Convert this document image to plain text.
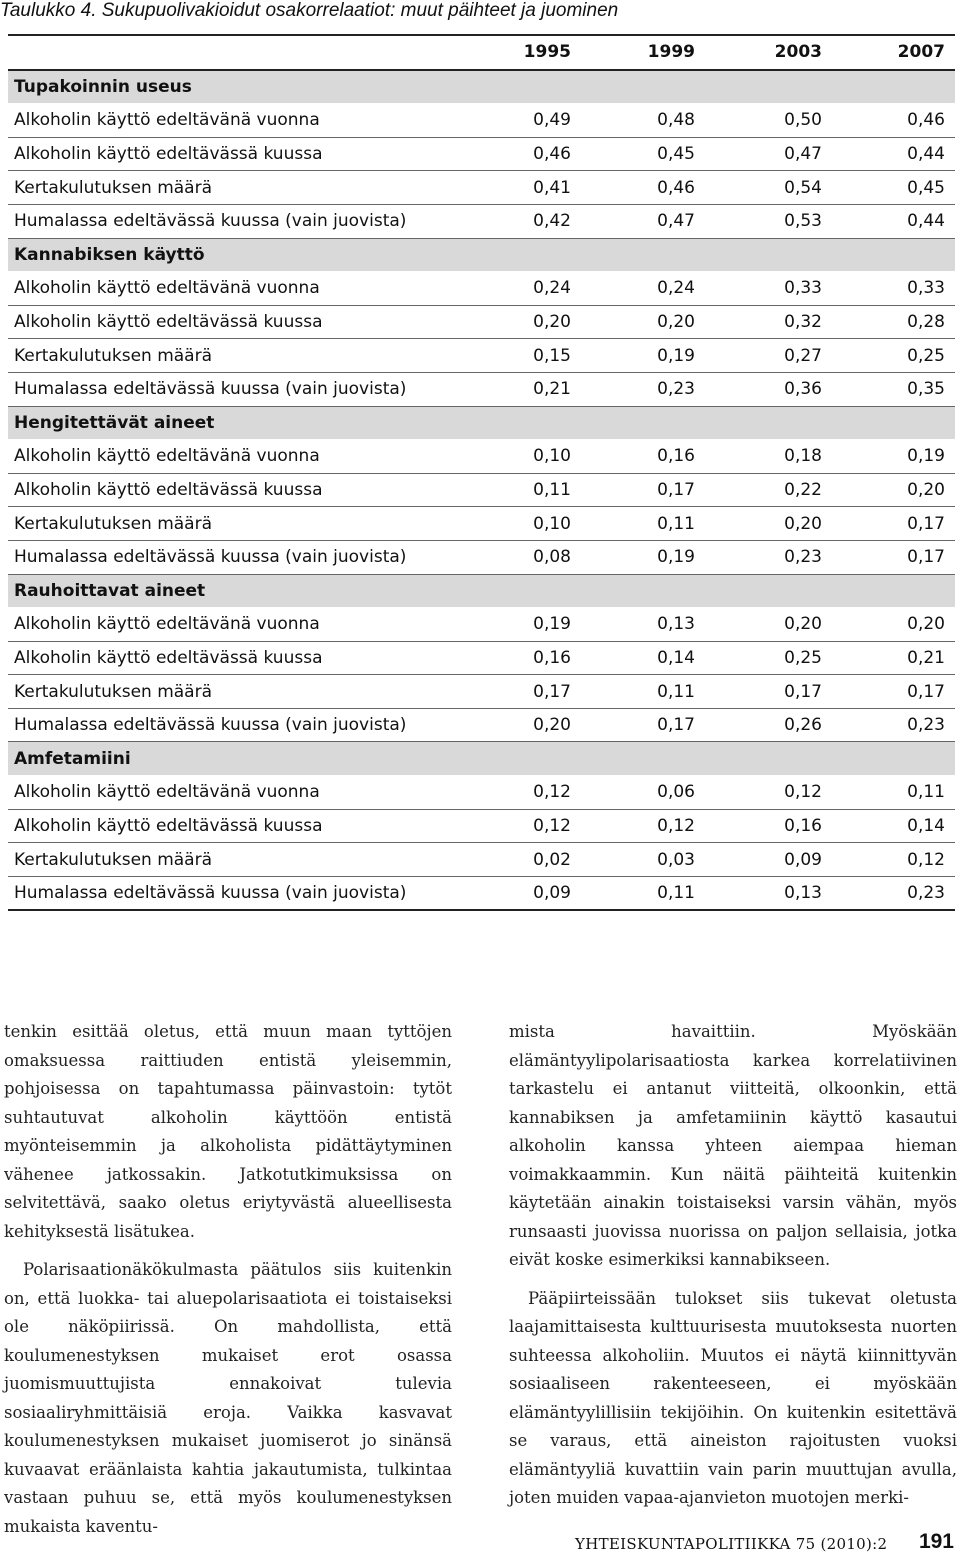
Taulukko 4. Sukupuolivakioidut osakorrelaatiot: muut päihteet ja juominen
	1995	1999	2003	2007
Tupakoinnin useus				
Alkoholin käyttö edeltävänä vuonna	0,49	0,48	0,50	0,46
Alkoholin käyttö edeltävässä kuussa	0,46	0,45	0,47	0,44
Kertakulutuksen määrä	0,41	0,46	0,54	0,45
Humalassa edeltävässä kuussa (vain juovista)	0,42	0,47	0,53	0,44
Kannabiksen käyttö				
Alkoholin käyttö edeltävänä vuonna	0,24	0,24	0,33	0,33
Alkoholin käyttö edeltävässä kuussa	0,20	0,20	0,32	0,28
Kertakulutuksen määrä	0,15	0,19	0,27	0,25
Humalassa edeltävässä kuussa (vain juovista)	0,21	0,23	0,36	0,35
Hengitettävät aineet				
Alkoholin käyttö edeltävänä vuonna	0,10	0,16	0,18	0,19
Alkoholin käyttö edeltävässä kuussa	0,11	0,17	0,22	0,20
Kertakulutuksen määrä	0,10	0,11	0,20	0,17
Humalassa edeltävässä kuussa (vain juovista)	0,08	0,19	0,23	0,17
Rauhoittavat aineet				
Alkoholin käyttö edeltävänä vuonna	0,19	0,13	0,20	0,20
Alkoholin käyttö edeltävässä kuussa	0,16	0,14	0,25	0,21
Kertakulutuksen määrä	0,17	0,11	0,17	0,17
Humalassa edeltävässä kuussa (vain juovista)	0,20	0,17	0,26	0,23
Amfetamiini				
Alkoholin käyttö edeltävänä vuonna	0,12	0,06	0,12	0,11
Alkoholin käyttö edeltävässä kuussa	0,12	0,12	0,16	0,14
Kertakulutuksen määrä	0,02	0,03	0,09	0,12
Humalassa edeltävässä kuussa (vain juovista)	0,09	0,11	0,13	0,23

tenkin esittää oletus, että muun maan tyttöjen omaksuessa raittiuden entistä yleisemmin, pohjoisessa on tapahtumassa päinvastoin: tytöt suhtautuvat alkoholin käyttöön entistä myönteisemmin ja alkoholista pidättäytyminen vähenee jatkossakin. Jatkotutkimuksissa on selvitettävä, saako oletus eriytyvästä alueellisesta kehityksestä lisätukea.

Polarisaationäkökulmasta päätulos siis kuitenkin on, että luokka- tai aluepolarisaatiota ei toistaiseksi ole näköpiirissä. On mahdollista, että koulumenestyksen mukaiset erot osassa juomismuuttujista ennakoivat tulevia sosiaaliryhmittäisiä eroja. Vaikka kasvavat koulumenestyksen mukaiset juomiserot jo sinänsä kuvaavat eräänlaista kahtia jakautumista, tulkintaa vastaan puhuu se, että myös koulumenestyksen mukaista kaventu-

mista havaittiin. Myöskään elämäntyylipolarisaatiosta karkea korrelatiivinen tarkastelu ei antanut viitteitä, olkoonkin, että kannabiksen ja amfetamiinin käyttö kasautui alkoholin kanssa yhteen aiempaa hieman voimakkaammin. Kun näitä päihteitä kuitenkin käytetään ainakin toistaiseksi varsin vähän, myös runsaasti juovissa nuorissa on paljon sellaisia, jotka eivät koske esimerkiksi kannabikseen.

Pääpiirteissään tulokset siis tukevat oletusta laajamittaisesta kulttuurisesta muutoksesta nuorten suhteessa alkoholiin. Muutos ei näytä kiinnittyvän sosiaaliseen rakenteeseen, ei myöskään elämäntyylillisiin tekijöihin. On kuitenkin esitettävä se varaus, että aineiston rajoitusten vuoksi elämäntyyliä kuvattiin vain parin muuttujan avulla, joten muiden vapaa-ajanvieton muotojen merki-

YHTEISKUNTAPOLITIIKKA 75 (2010):2 191
